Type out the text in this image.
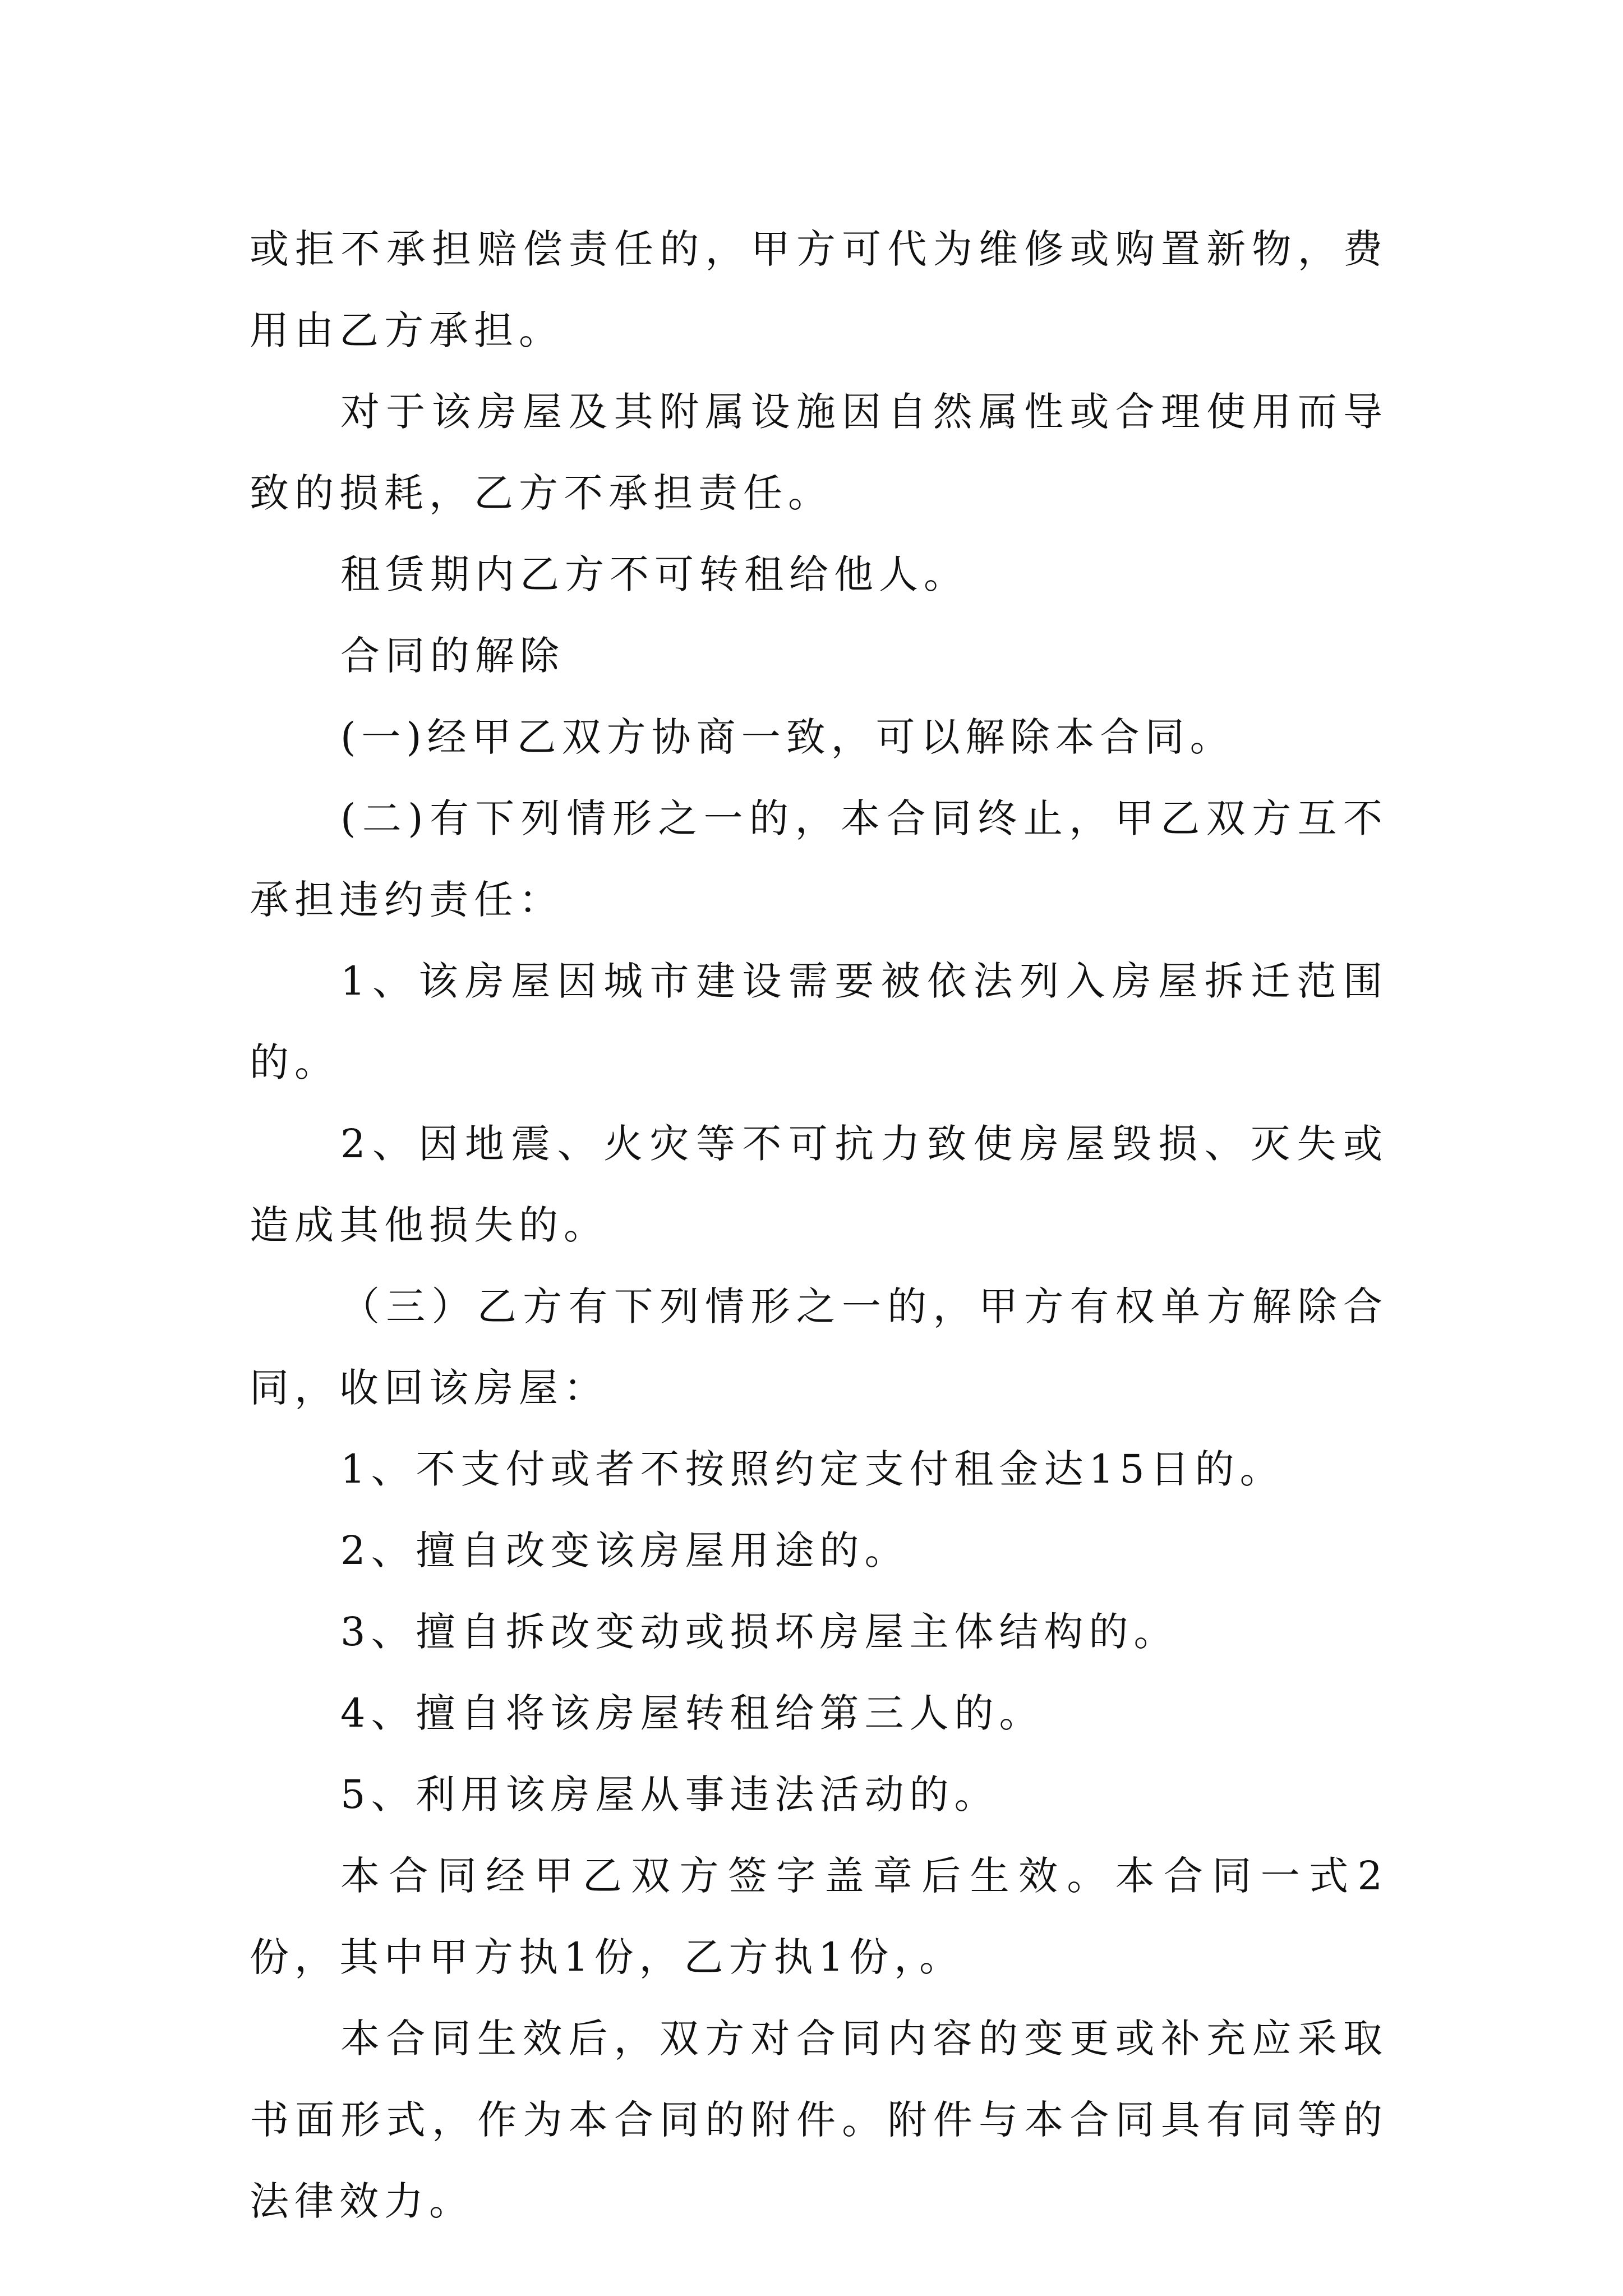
或拒不承担赔偿责任的，甲方可代为维修或购置新物，费用由乙方承担。

对于该房屋及其附属设施因自然属性或合理使用而导致的损耗，乙方不承担责任。

租赁期内乙方不可转租给他人。

合同的解除

(一)经甲乙双方协商一致，可以解除本合同。

(二)有下列情形之一的，本合同终止，甲乙双方互不承担违约责任：

1、该房屋因城市建设需要被依法列入房屋拆迁范围的。

2、因地震、火灾等不可抗力致使房屋毁损、灭失或造成其他损失的。

（三）乙方有下列情形之一的，甲方有权单方解除合同，收回该房屋：

1、不支付或者不按照约定支付租金达15日的。

2、擅自改变该房屋用途的。

3、擅自拆改变动或损坏房屋主体结构的。

4、擅自将该房屋转租给第三人的。

5、利用该房屋从事违法活动的。

本合同经甲乙双方签字盖章后生效。本合同一式2份，其中甲方执1份，乙方执1份，。

本合同生效后，双方对合同内容的变更或补充应采取书面形式，作为本合同的附件。附件与本合同具有同等的法律效力。
